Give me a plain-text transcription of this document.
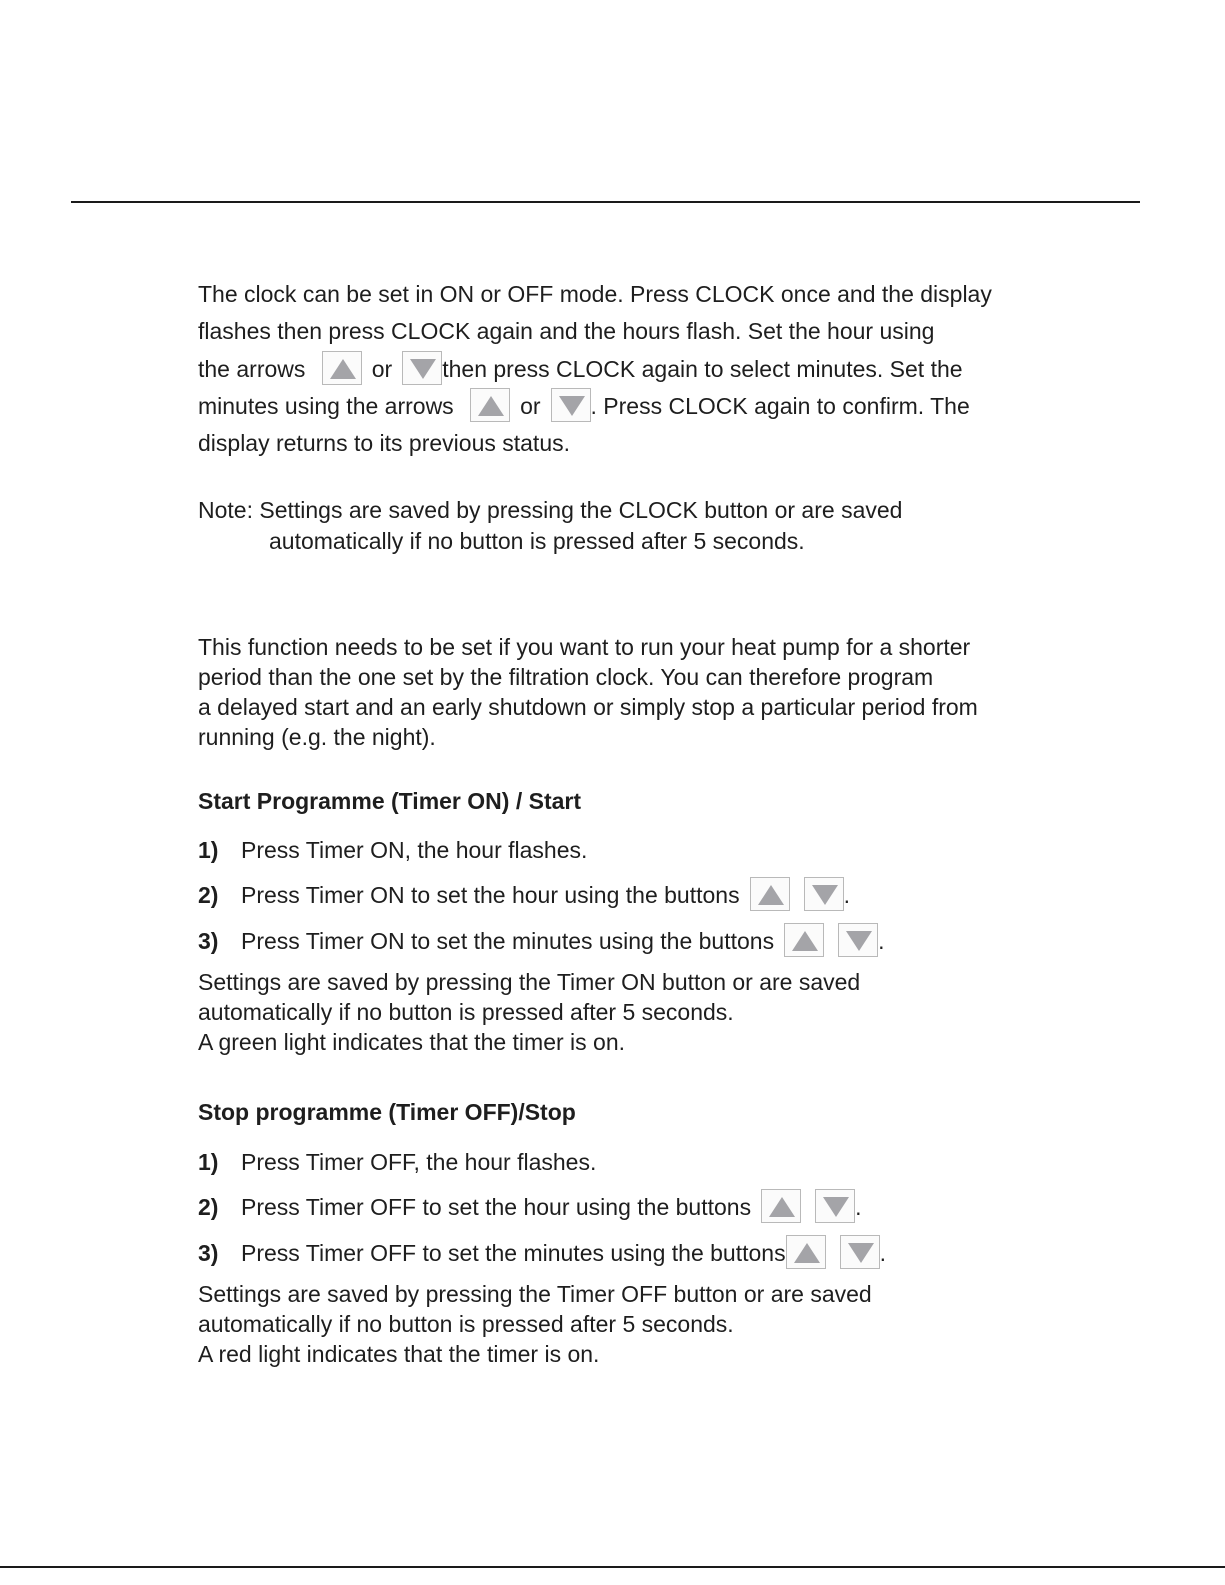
The clock can be set in ON or OFF mode. Press CLOCK once and the display
flashes then press CLOCK again and the hours flash. Set the hour using
the arrows	or then press CLOCK again to select minutes. Set the
minutes using the arrows	or . Press CLOCK again to confirm. The
display returns to its previous status.
Note: Settings are saved by pressing the CLOCK button or are saved
automatically if no button is pressed after 5 seconds.
This function needs to be set if you want to run your heat pump for a shorter
period than the one set by the filtration clock. You can therefore program
a delayed start and an early shutdown or simply stop a particular period from
running (e.g. the night).
Start Programme (Timer ON) / Start
1) Press Timer ON, the hour flashes.
2) Press Timer ON to set the hour using the buttons	.
3) Press Timer ON to set the minutes using the buttons	.
Settings are saved by pressing the Timer ON button or are saved
automatically if no button is pressed after 5 seconds.
A green light indicates that the timer is on.
Stop programme (Timer OFF)/Stop
1) Press Timer OFF, the hour flashes.
2) Press Timer OFF to set the hour using the buttons	.
3) Press Timer OFF to set the minutes using the buttons	.
Settings are saved by pressing the Timer OFF button or are saved
automatically if no button is pressed after 5 seconds.
A red light indicates that the timer is on.
